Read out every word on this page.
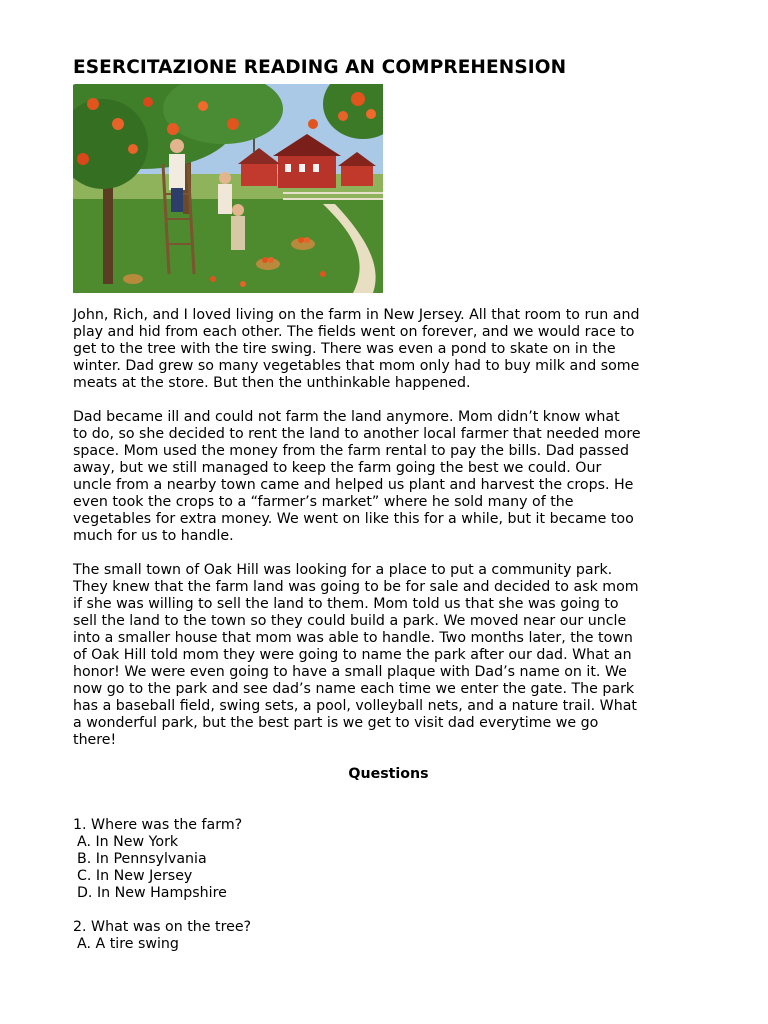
ESERCITAZIONE READING AN COMPREHENSION
John, Rich, and I loved living on the farm in New Jersey. All that room to run and
play and hid from each other. The fields went on forever, and we would race to
get to the tree with the tire swing. There was even a pond to skate on in the
winter. Dad grew so many vegetables that mom only had to buy milk and some
meats at the store. But then the unthinkable happened.
Dad became ill and could not farm the land anymore. Mom didn’t know what
to do, so she decided to rent the land to another local farmer that needed more
space. Mom used the money from the farm rental to pay the bills. Dad passed
away, but we still managed to keep the farm going the best we could. Our
uncle from a nearby town came and helped us plant and harvest the crops. He
even took the crops to a “farmer’s market” where he sold many of the
vegetables for extra money. We went on like this for a while, but it became too
much for us to handle.
The small town of Oak Hill was looking for a place to put a community park.
They knew that the farm land was going to be for sale and decided to ask mom
if she was willing to sell the land to them. Mom told us that she was going to
sell the land to the town so they could build a park. We moved near our uncle
into a smaller house that mom was able to handle. Two months later, the town
of Oak Hill told mom they were going to name the park after our dad. What an
honor! We were even going to have a small plaque with Dad’s name on it. We
now go to the park and see dad’s name each time we enter the gate. The park
has a baseball field, swing sets, a pool, volleyball nets, and a nature trail. What
a wonderful park, but the best part is we get to visit dad everytime we go
there!
Questions
1. Where was the farm?
A. In New York
B. In Pennsylvania
C. In New Jersey
D. In New Hampshire
2. What was on the tree?
A. A tire swing
